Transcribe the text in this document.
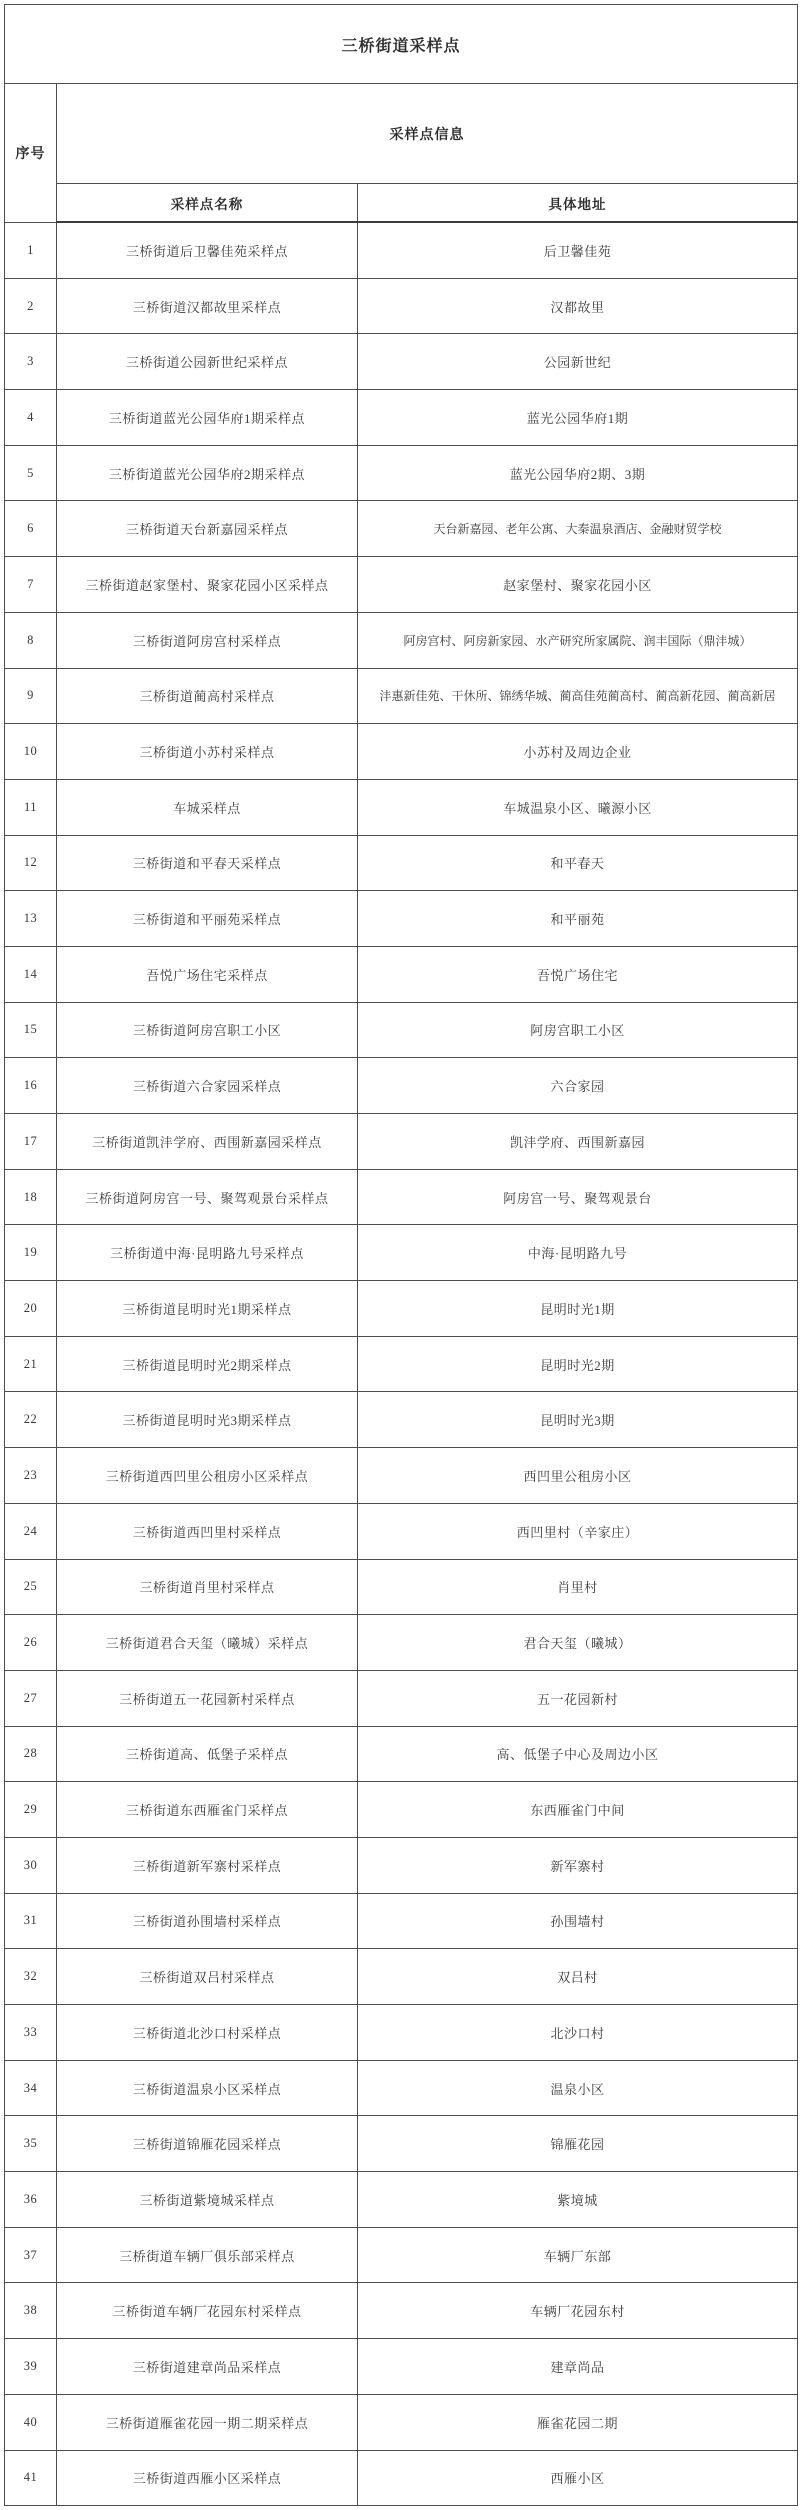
三桥街道采样点		
序号	采样点信息	
	采样点名称	具体地址
1	三桥街道后卫馨佳苑采样点	后卫馨佳苑
2	三桥街道汉都故里采样点	汉都故里
3	三桥街道公园新世纪采样点	公园新世纪
4	三桥街道蓝光公园华府1期采样点	蓝光公园华府1期
5	三桥街道蓝光公园华府2期采样点	蓝光公园华府2期、3期
6	三桥街道天台新嘉园采样点	天台新嘉园、老年公寓、大秦温泉酒店、金融财贸学校
7	三桥街道赵家堡村、聚家花园小区采样点	赵家堡村、聚家花园小区
8	三桥街道阿房宫村采样点	阿房宫村、阿房新家园、水产研究所家属院、润丰国际（鼎沣城）
9	三桥街道蔺高村采样点	沣惠新佳苑、干休所、锦绣华城、蔺高佳苑蔺高村、蔺高新花园、蔺高新居
10	三桥街道小苏村采样点	小苏村及周边企业
11	车城采样点	车城温泉小区、曦源小区
12	三桥街道和平春天采样点	和平春天
13	三桥街道和平丽苑采样点	和平丽苑
14	吾悦广场住宅采样点	吾悦广场住宅
15	三桥街道阿房宫职工小区	阿房宫职工小区
16	三桥街道六合家园采样点	六合家园
17	三桥街道凯沣学府、西围新嘉园采样点	凯沣学府、西围新嘉园
18	三桥街道阿房宫一号、聚驾观景台采样点	阿房宫一号、聚驾观景台
19	三桥街道中海·昆明路九号采样点	中海·昆明路九号
20	三桥街道昆明时光1期采样点	昆明时光1期
21	三桥街道昆明时光2期采样点	昆明时光2期
22	三桥街道昆明时光3期采样点	昆明时光3期
23	三桥街道西凹里公租房小区采样点	西凹里公租房小区
24	三桥街道西凹里村采样点	西凹里村（辛家庄）
25	三桥街道肖里村采样点	肖里村
26	三桥街道君合天玺（曦城）采样点	君合天玺（曦城）
27	三桥街道五一花园新村采样点	五一花园新村
28	三桥街道高、低堡子采样点	高、低堡子中心及周边小区
29	三桥街道东西雁雀门采样点	东西雁雀门中间
30	三桥街道新军寨村采样点	新军寨村
31	三桥街道孙围墙村采样点	孙围墙村
32	三桥街道双吕村采样点	双吕村
33	三桥街道北沙口村采样点	北沙口村
34	三桥街道温泉小区采样点	温泉小区
35	三桥街道锦雁花园采样点	锦雁花园
36	三桥街道紫境城采样点	紫境城
37	三桥街道车辆厂俱乐部采样点	车辆厂东部
38	三桥街道车辆厂花园东村采样点	车辆厂花园东村
39	三桥街道建章尚品采样点	建章尚品
40	三桥街道雁雀花园一期二期采样点	雁雀花园二期
41	三桥街道西雁小区采样点	西雁小区
